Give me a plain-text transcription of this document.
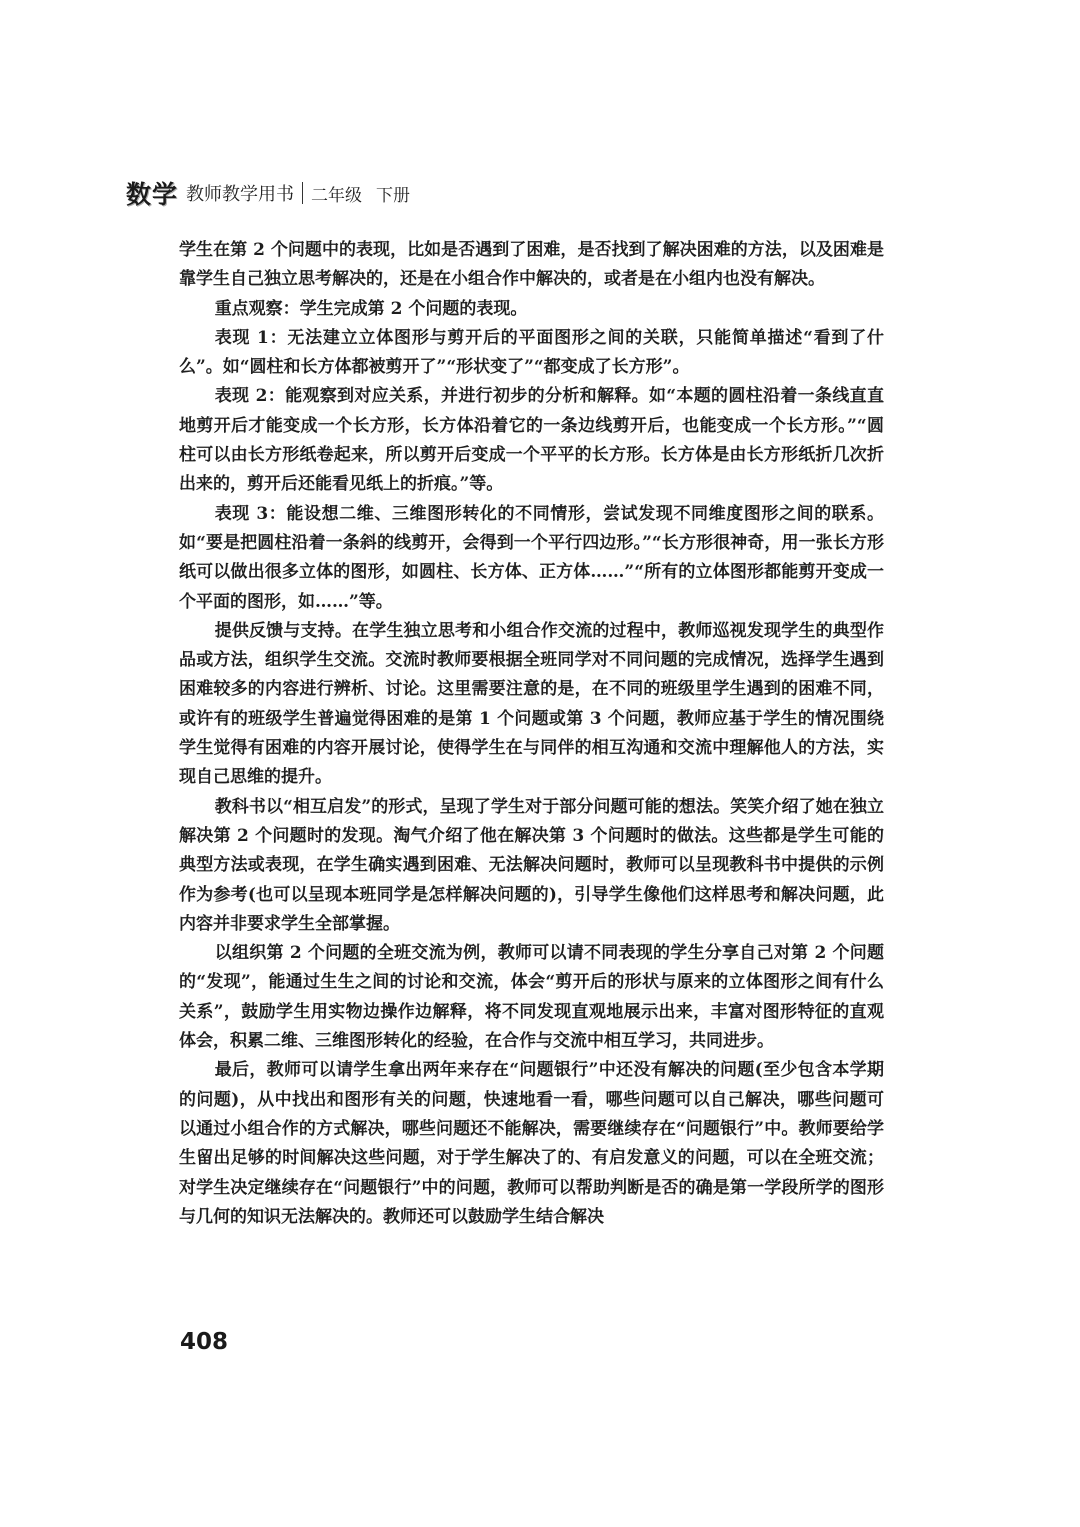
数学 教师教学用书 二年级 下册

学生在第 2 个问题中的表现，比如是否遇到了困难，是否找到了解决困难的方法，以及困难是靠学生自己独立思考解决的，还是在小组合作中解决的，或者是在小组内也没有解决。

重点观察：学生完成第 2 个问题的表现。

表现 1：无法建立立体图形与剪开后的平面图形之间的关联，只能简单描述“看到了什么”。如“圆柱和长方体都被剪开了”“形状变了”“都变成了长方形”。

表现 2：能观察到对应关系，并进行初步的分析和解释。如“本题的圆柱沿着一条线直直地剪开后才能变成一个长方形，长方体沿着它的一条边线剪开后，也能变成一个长方形。”“圆柱可以由长方形纸卷起来，所以剪开后变成一个平平的长方形。长方体是由长方形纸折几次折出来的，剪开后还能看见纸上的折痕。”等。

表现 3：能设想二维、三维图形转化的不同情形，尝试发现不同维度图形之间的联系。如“要是把圆柱沿着一条斜的线剪开，会得到一个平行四边形。”“长方形很神奇，用一张长方形纸可以做出很多立体的图形，如圆柱、长方体、正方体……”“所有的立体图形都能剪开变成一个平面的图形，如……”等。

提供反馈与支持。在学生独立思考和小组合作交流的过程中，教师巡视发现学生的典型作品或方法，组织学生交流。交流时教师要根据全班同学对不同问题的完成情况，选择学生遇到困难较多的内容进行辨析、讨论。这里需要注意的是，在不同的班级里学生遇到的困难不同，或许有的班级学生普遍觉得困难的是第 1 个问题或第 3 个问题，教师应基于学生的情况围绕学生觉得有困难的内容开展讨论，使得学生在与同伴的相互沟通和交流中理解他人的方法，实现自己思维的提升。

教科书以“相互启发”的形式，呈现了学生对于部分问题可能的想法。笑笑介绍了她在独立解决第 2 个问题时的发现。淘气介绍了他在解决第 3 个问题时的做法。这些都是学生可能的典型方法或表现，在学生确实遇到困难、无法解决问题时，教师可以呈现教科书中提供的示例作为参考(也可以呈现本班同学是怎样解决问题的)，引导学生像他们这样思考和解决问题，此内容并非要求学生全部掌握。

以组织第 2 个问题的全班交流为例，教师可以请不同表现的学生分享自己对第 2 个问题的“发现”，能通过生生之间的讨论和交流，体会“剪开后的形状与原来的立体图形之间有什么关系”，鼓励学生用实物边操作边解释，将不同发现直观地展示出来，丰富对图形特征的直观体会，积累二维、三维图形转化的经验，在合作与交流中相互学习，共同进步。

最后，教师可以请学生拿出两年来存在“问题银行”中还没有解决的问题(至少包含本学期的问题)，从中找出和图形有关的问题，快速地看一看，哪些问题可以自己解决，哪些问题可以通过小组合作的方式解决，哪些问题还不能解决，需要继续存在“问题银行”中。教师要给学生留出足够的时间解决这些问题，对于学生解决了的、有启发意义的问题，可以在全班交流；对学生决定继续存在“问题银行”中的问题，教师可以帮助判断是否的确是第一学段所学的图形与几何的知识无法解决的。教师还可以鼓励学生结合解决

408
